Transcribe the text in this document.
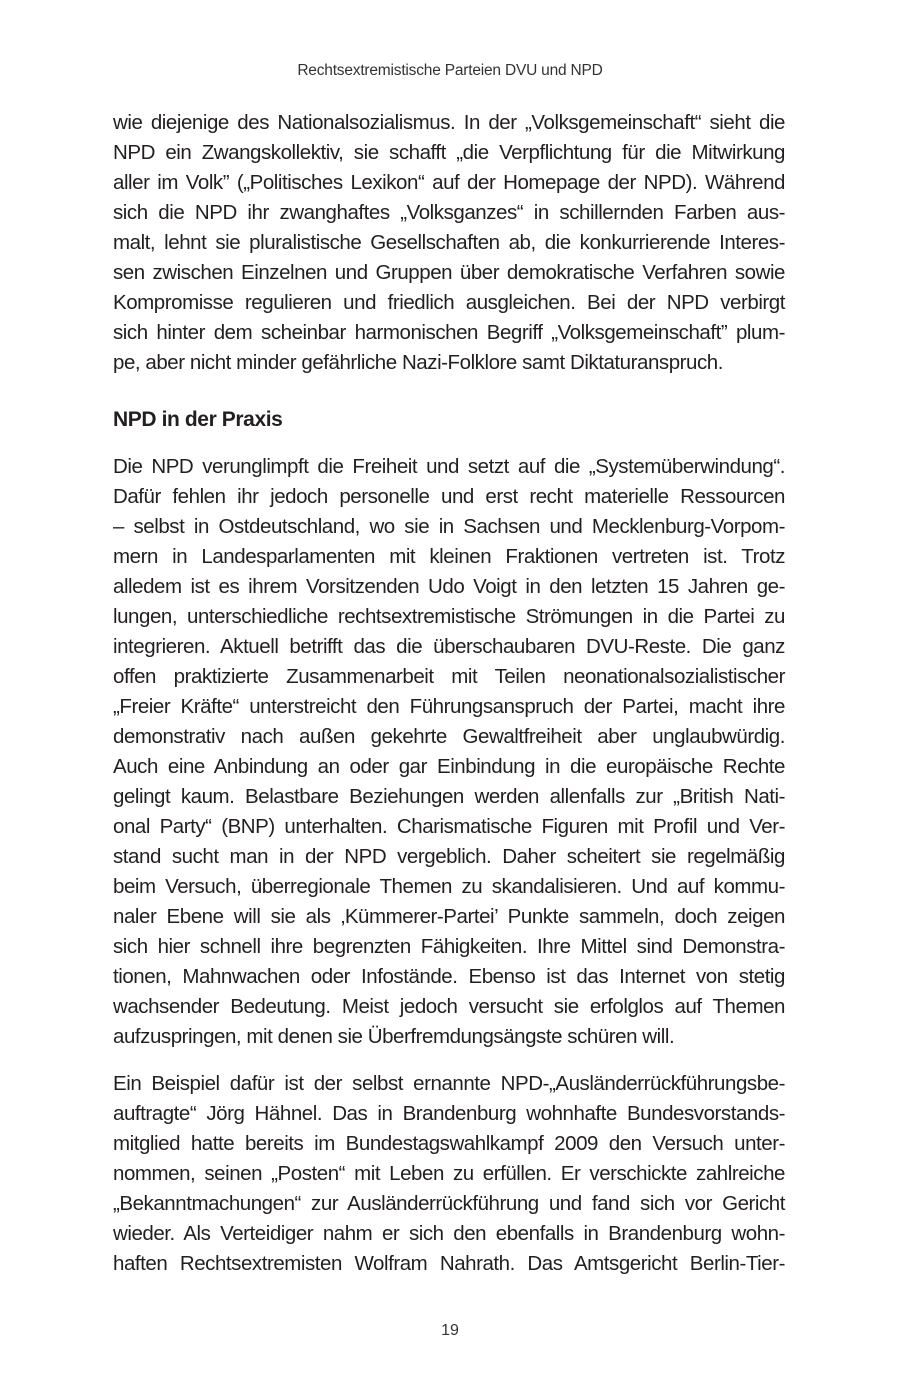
Rechtsextremistische Parteien DVU und NPD
wie diejenige des Nationalsozialismus. In der „Volksgemeinschaft“ sieht die
NPD ein Zwangskollektiv, sie schafft „die Verpflichtung für die Mitwirkung
aller im Volk” („Politisches Lexikon“ auf der Homepage der NPD). Während
sich die NPD ihr zwanghaftes „Volksganzes“ in schillernden Farben aus-
malt, lehnt sie pluralistische Gesellschaften ab, die konkurrierende Interes-
sen zwischen Einzelnen und Gruppen über demokratische Verfahren sowie
Kompromisse regulieren und friedlich ausgleichen. Bei der NPD verbirgt
sich hinter dem scheinbar harmonischen Begriff „Volksgemeinschaft” plum-
pe, aber nicht minder gefährliche Nazi-Folklore samt Diktaturanspruch.
NPD in der Praxis
Die NPD verunglimpft die Freiheit und setzt auf die „Systemüberwindung“.
Dafür fehlen ihr jedoch personelle und erst recht materielle Ressourcen
– selbst in Ostdeutschland, wo sie in Sachsen und Mecklenburg-Vorpom-
mern in Landesparlamenten mit kleinen Fraktionen vertreten ist. Trotz
alledem ist es ihrem Vorsitzenden Udo Voigt in den letzten 15 Jahren ge-
lungen, unterschiedliche rechtsextremistische Strömungen in die Partei zu
integrieren. Aktuell betrifft das die überschaubaren DVU-Reste. Die ganz
offen praktizierte Zusammenarbeit mit Teilen neonationalsozialistischer
„Freier Kräfte“ unterstreicht den Führungsanspruch der Partei, macht ihre
demonstrativ nach außen gekehrte Gewaltfreiheit aber unglaubwürdig.
Auch eine Anbindung an oder gar Einbindung in die europäische Rechte
gelingt kaum. Belastbare Beziehungen werden allenfalls zur „British Nati-
onal Party“ (BNP) unterhalten. Charismatische Figuren mit Profil und Ver-
stand sucht man in der NPD vergeblich. Daher scheitert sie regelmäßig
beim Versuch, überregionale Themen zu skandalisieren. Und auf kommu-
naler Ebene will sie als ‚Kümmerer-Partei’ Punkte sammeln, doch zeigen
sich hier schnell ihre begrenzten Fähigkeiten. Ihre Mittel sind Demonstra-
tionen, Mahnwachen oder Infostände. Ebenso ist das Internet von stetig
wachsender Bedeutung. Meist jedoch versucht sie erfolglos auf Themen
aufzuspringen, mit denen sie Überfremdungsängste schüren will.
Ein Beispiel dafür ist der selbst ernannte NPD-„Ausländerrückführungsbe-
auftragte“ Jörg Hähnel. Das in Brandenburg wohnhafte Bundesvorstands-
mitglied hatte bereits im Bundestagswahlkampf 2009 den Versuch unter-
nommen, seinen „Posten“ mit Leben zu erfüllen. Er verschickte zahlreiche
„Bekanntmachungen“ zur Ausländerrückführung und fand sich vor Gericht
wieder. Als Verteidiger nahm er sich den ebenfalls in Brandenburg wohn-
haften Rechtsextremisten Wolfram Nahrath. Das Amtsgericht Berlin-Tier-
19
